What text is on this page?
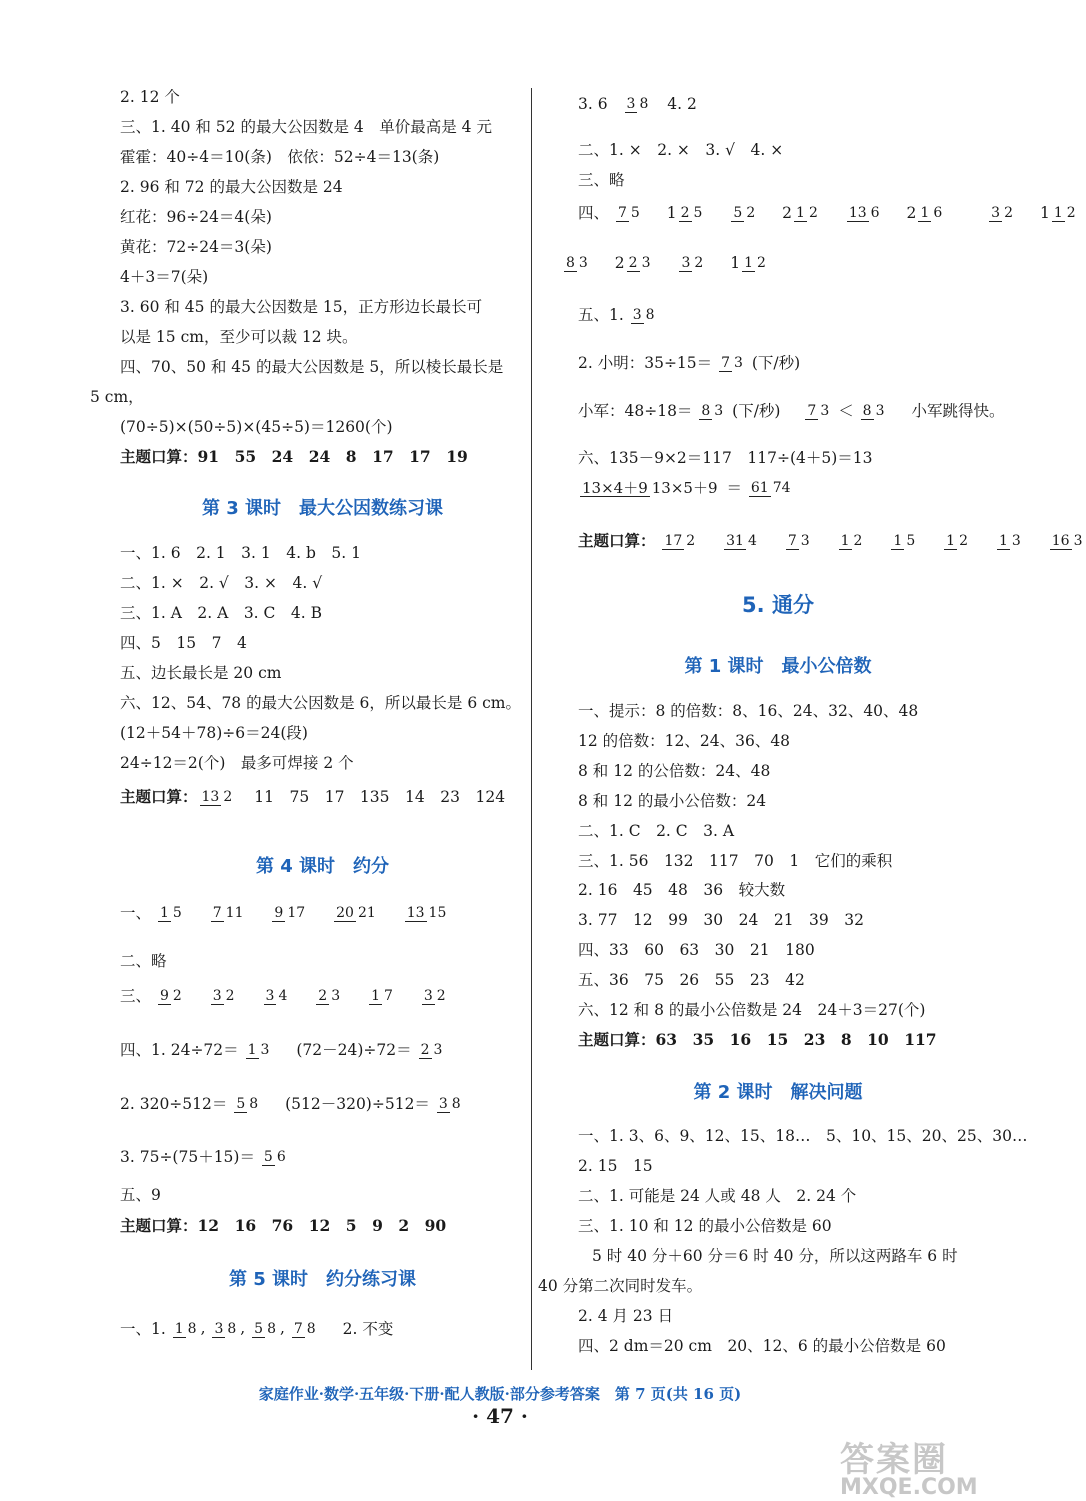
2. 12 个
三、1. 40 和 52 的最大公因数是 4　单价最高是 4 元
霍霍：40÷4＝10(条)　依依：52÷4＝13(条)
2. 96 和 72 的最大公因数是 24
红花：96÷24＝4(朵)
黄花：72÷24＝3(朵)
4＋3＝7(朵)
3. 60 和 45 的最大公因数是 15，正方形边长最长可
以是 15 cm，至少可以裁 12 块。
四、70、50 和 45 的最大公因数是 5，所以棱长最长是
5 cm，
(70÷5)×(50÷5)×(45÷5)＝1260(个)
主题口算：91　55　24　24　8　17　17　19
第 3 课时　最大公因数练习课
一、1. 6　2. 1　3. 1　4. b　5. 1
二、1. ×　2. √　3. ×　4. √
三、1. A　2. A　3. C　4. B
四、5　15　7　4
五、边长最长是 20 cm
六、12、54、78 的最大公因数是 6，所以最长是 6 cm。
(12＋54＋78)÷6＝24(段)
24÷12＝2(个)　最多可焊接 2 个
主题口算： 13 2 11　75　17　135　14　23　124
第 4 课时　约分
一、 1 5 7 11 9 17 20 21 13 15
二、略
三、 9 2 3 2 3 4 2 3 1 7 3 2
四、1. 24÷72＝ 1 3 (72－24)÷72＝ 2 3
2. 320÷512＝ 5 8 (512－320)÷512＝ 3 8
3. 75÷(75＋15)＝ 5 6
五、9
主题口算：12　16　76　12　5　9　2　90
第 5 课时　约分练习课
一、1. 1 8 , 3 8 , 5 8 , 7 8 2. 不变
3. 6 3 8 4. 2
二、1. ×　2. ×　3. √　4. ×
三、略
四、 7 5 1 2 5 5 2 2 1 2 13 6 2 1 6	3 2 1 1 2
8 3 2 2 3 3 2 1 1 2
五、1. 3 8
2. 小明：35÷15＝ 7 3 (下/秒)
小军：48÷18＝ 8 3 (下/秒) 7 3 ＜ 8 3 小军跳得快。
六、135－9×2＝117　117÷(4＋5)＝13
13×4＋9 13×5＋9 ＝ 61 74
主题口算： 17 2 31 4 7 3 1 2 1 5 1 2 1 3 16 3
5. 通分
第 1 课时　最小公倍数
一、提示：8 的倍数：8、16、24、32、40、48
12 的倍数：12、24、36、48
8 和 12 的公倍数：24、48
8 和 12 的最小公倍数：24
二、1. C　2. C　3. A
三、1. 56　132　117　70　1　它们的乘积
2. 16　45　48　36　较大数
3. 77　12　99　30　24　21　39　32
四、33　60　63　30　21　180
五、36　75　26　55　23　42
六、12 和 8 的最小公倍数是 24　24＋3＝27(个)
主题口算：63　35　16　15　23　8　10　117
第 2 课时　解决问题
一、1. 3、6、9、12、15、18…　5、10、15、20、25、30…
2. 15　15
二、1. 可能是 24 人或 48 人　2. 24 个
三、1. 10 和 12 的最小公倍数是 60
5 时 40 分＋60 分＝6 时 40 分，所以这两路车 6 时
40 分第二次同时发车。
2. 4 月 23 日
四、2 dm＝20 cm　20、12、6 的最小公倍数是 60
家庭作业·数学·五年级·下册·配人教版·部分参考答案　第 7 页(共 16 页)
· 47 ·
答案圈
MXQE.COM
